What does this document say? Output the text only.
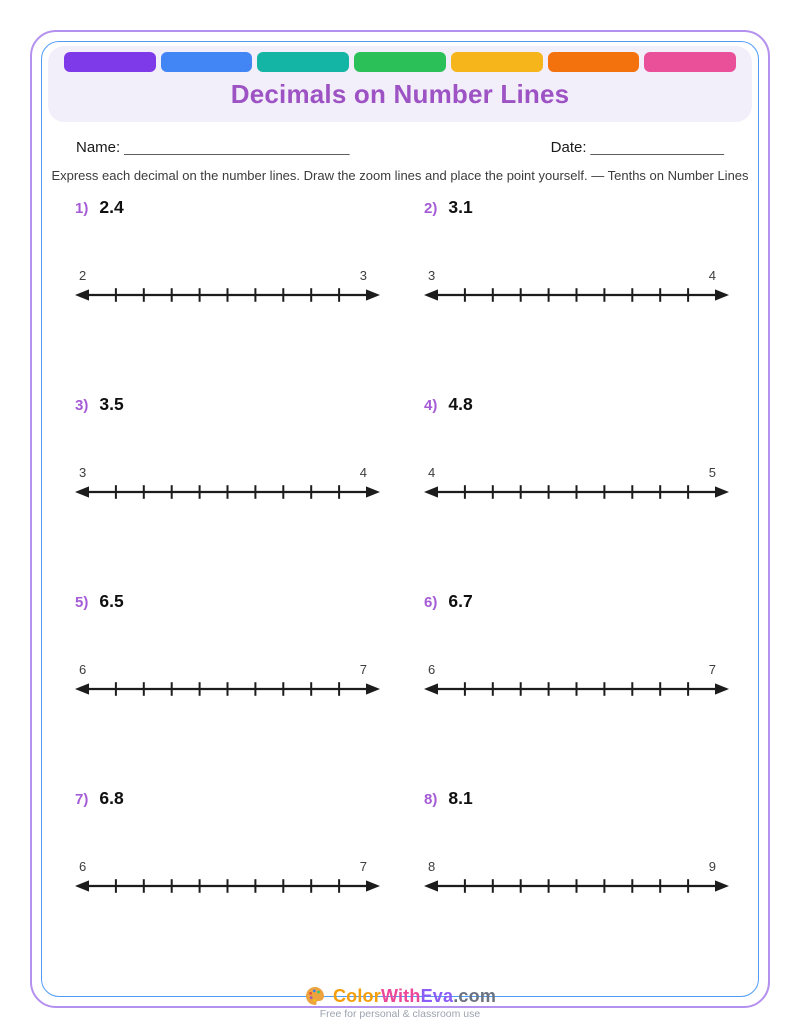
Decimals on Number Lines
Name: ___________________________	Date: ________________
Express each decimal on the number lines. Draw the zoom lines and place the point yourself. — Tenths on Number Lines
1) 2.4
2	3
2) 3.1
3	4
3) 3.5
3	4
4) 4.8
4	5
5) 6.5
6	7
6) 6.7
6	7
7) 6.8
6	7
8) 8.1
8	9
ColorWithEva.com
Free for personal & classroom use
